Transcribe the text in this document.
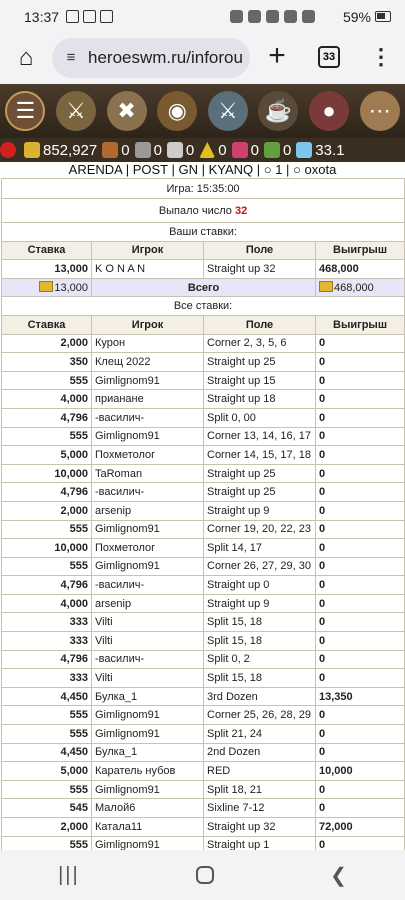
13:37	59%
⌂	≡ heroeswm.ru/inforou +	33 ⋮
☰	⚔	✖	◉	⚔	☕	●	⋯
852,927 0 0 0 0 0 0 33.1
ARENDA | POST | GN | KYANQ | ○ 1 | ○ oxota
Игра: 15:35:00			
Выпало число 32			
Ваши ставки:			
Ставка	Игрок	Поле	Выигрыш
13,000	K O N A N	Straight up 32	468,000
13,000	Всего		468,000
Все ставки:			
Ставка	Игрок	Поле	Выигрыш
2,000	Курон	Corner 2, 3, 5, 6	0
350	Клещ 2022	Straight up 25	0
555	Gimlignom91	Straight up 15	0
4,000	прианане	Straight up 18	0
4,796	-василич-	Split 0, 00	0
555	Gimlignom91	Corner 13, 14, 16, 17	0
5,000	Похметолог	Corner 14, 15, 17, 18	0
10,000	TaRoman	Straight up 25	0
4,796	-василич-	Straight up 25	0
2,000	arsenip	Straight up 9	0
555	Gimlignom91	Corner 19, 20, 22, 23	0
10,000	Похметолог	Split 14, 17	0
555	Gimlignom91	Corner 26, 27, 29, 30	0
4,796	-василич-	Straight up 0	0
4,000	arsenip	Straight up 9	0
333	Vilti	Split 15, 18	0
333	Vilti	Split 15, 18	0
4,796	-василич-	Split 0, 2	0
333	Vilti	Split 15, 18	0
4,450	Булка_1	3rd Dozen	13,350
555	Gimlignom91	Corner 25, 26, 28, 29	0
555	Gimlignom91	Split 21, 24	0
4,450	Булка_1	2nd Dozen	0
5,000	Каратель нубов	RED	10,000
555	Gimlignom91	Split 18, 21	0
545	Малой6	Sixline 7-12	0
2,000	Катала11	Straight up 32	72,000
555	Gimlignom91	Straight up 1	0
|||	❮
